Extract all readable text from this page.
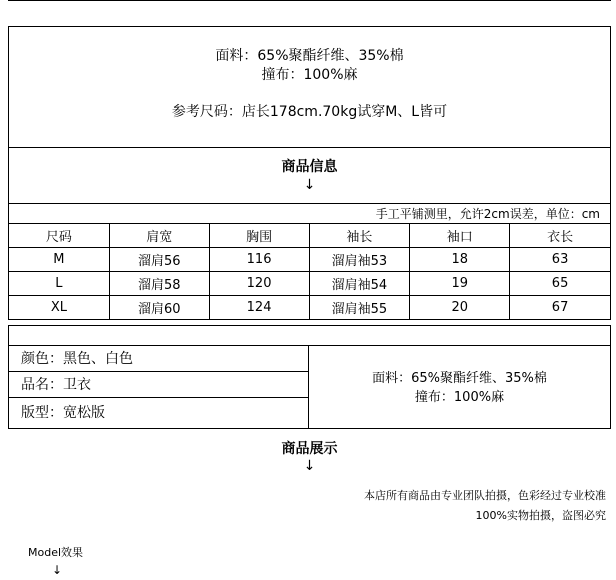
面料：65%聚酯纤维、35%棉
撞布：100%麻
参考尺码：店长178cm.70kg试穿M、L皆可
商品信息
↓
手工平铺测里，允许2cm误差，单位：cm
尺码	肩宽	胸围	袖长	袖口	衣长
M	溜肩56	116	溜肩袖53	18	63
L	溜肩58	120	溜肩袖54	19	65
XL	溜肩60	124	溜肩袖55	20	67
颜色：黑色、白色
品名：卫衣
版型：宽松版
面料：65%聚酯纤维、35%棉
撞布：100%麻
商品展示
↓
本店所有商品由专业团队拍摄，色彩经过专业校准
100%实物拍摄，盗图必究
Model效果
↓
